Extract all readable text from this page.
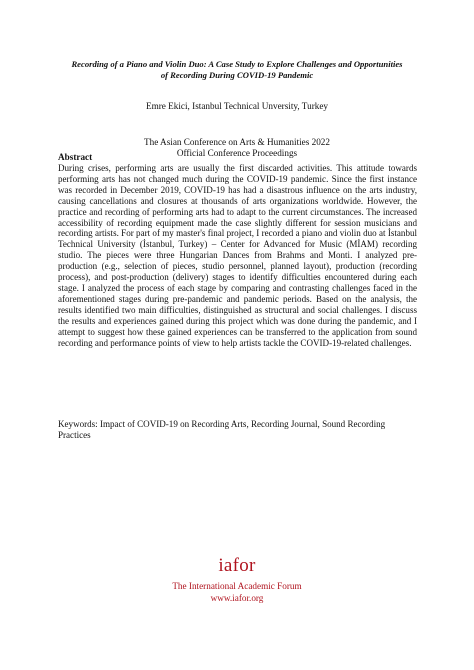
Recording of a Piano and Violin Duo: A Case Study to Explore Challenges and Opportunities of Recording During COVID-19 Pandemic
Emre Ekici, Istanbul Technical Unversity, Turkey
The Asian Conference on Arts & Humanities 2022
Official Conference Proceedings
Abstract
During crises, performing arts are usually the first discarded activities. This attitude towards performing arts has not changed much during the COVID-19 pandemic. Since the first instance was recorded in December 2019, COVID-19 has had a disastrous influence on the arts industry, causing cancellations and closures at thousands of arts organizations worldwide. However, the practice and recording of performing arts had to adapt to the current circumstances. The increased accessibility of recording equipment made the case slightly different for session musicians and recording artists. For part of my master's final project, I recorded a piano and violin duo at İstanbul Technical University (İstanbul, Turkey) – Center for Advanced for Music (MİAM) recording studio. The pieces were three Hungarian Dances from Brahms and Monti. I analyzed pre-production (e.g., selection of pieces, studio personnel, planned layout), production (recording process), and post-production (delivery) stages to identify difficulties encountered during each stage. I analyzed the process of each stage by comparing and contrasting challenges faced in the aforementioned stages during pre-pandemic and pandemic periods. Based on the analysis, the results identified two main difficulties, distinguished as structural and social challenges. I discuss the results and experiences gained during this project which was done during the pandemic, and I attempt to suggest how these gained experiences can be transferred to the application from sound recording and performance points of view to help artists tackle the COVID-19-related challenges.
Keywords: Impact of COVID-19 on Recording Arts, Recording Journal, Sound Recording Practices
iafor
The International Academic Forum
www.iafor.org
